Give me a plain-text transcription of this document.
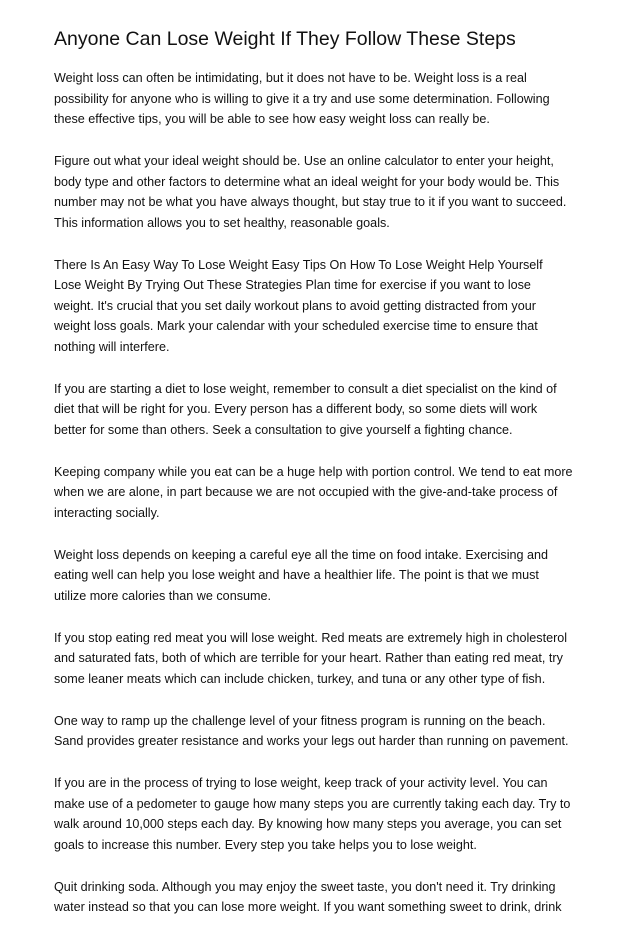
Anyone Can Lose Weight If They Follow These Steps

Weight loss can often be intimidating, but it does not have to be. Weight loss is a real
possibility for anyone who is willing to give it a try and use some determination. Following
these effective tips, you will be able to see how easy weight loss can really be.

Figure out what your ideal weight should be. Use an online calculator to enter your height,
body type and other factors to determine what an ideal weight for your body would be. This
number may not be what you have always thought, but stay true to it if you want to succeed.
This information allows you to set healthy, reasonable goals.

There Is An Easy Way To Lose Weight Easy Tips On How To Lose Weight Help Yourself
Lose Weight By Trying Out These Strategies Plan time for exercise if you want to lose
weight. It's crucial that you set daily workout plans to avoid getting distracted from your
weight loss goals. Mark your calendar with your scheduled exercise time to ensure that
nothing will interfere.

If you are starting a diet to lose weight, remember to consult a diet specialist on the kind of
diet that will be right for you. Every person has a different body, so some diets will work
better for some than others. Seek a consultation to give yourself a fighting chance.

Keeping company while you eat can be a huge help with portion control. We tend to eat more
when we are alone, in part because we are not occupied with the give-and-take process of
interacting socially.

Weight loss depends on keeping a careful eye all the time on food intake. Exercising and
eating well can help you lose weight and have a healthier life. The point is that we must
utilize more calories than we consume.

If you stop eating red meat you will lose weight. Red meats are extremely high in cholesterol
and saturated fats, both of which are terrible for your heart. Rather than eating red meat, try
some leaner meats which can include chicken, turkey, and tuna or any other type of fish.

One way to ramp up the challenge level of your fitness program is running on the beach.
Sand provides greater resistance and works your legs out harder than running on pavement.

If you are in the process of trying to lose weight, keep track of your activity level. You can
make use of a pedometer to gauge how many steps you are currently taking each day. Try to
walk around 10,000 steps each day. By knowing how many steps you average, you can set
goals to increase this number. Every step you take helps you to lose weight.

Quit drinking soda. Although you may enjoy the sweet taste, you don't need it. Try drinking
water instead so that you can lose more weight. If you want something sweet to drink, drink
